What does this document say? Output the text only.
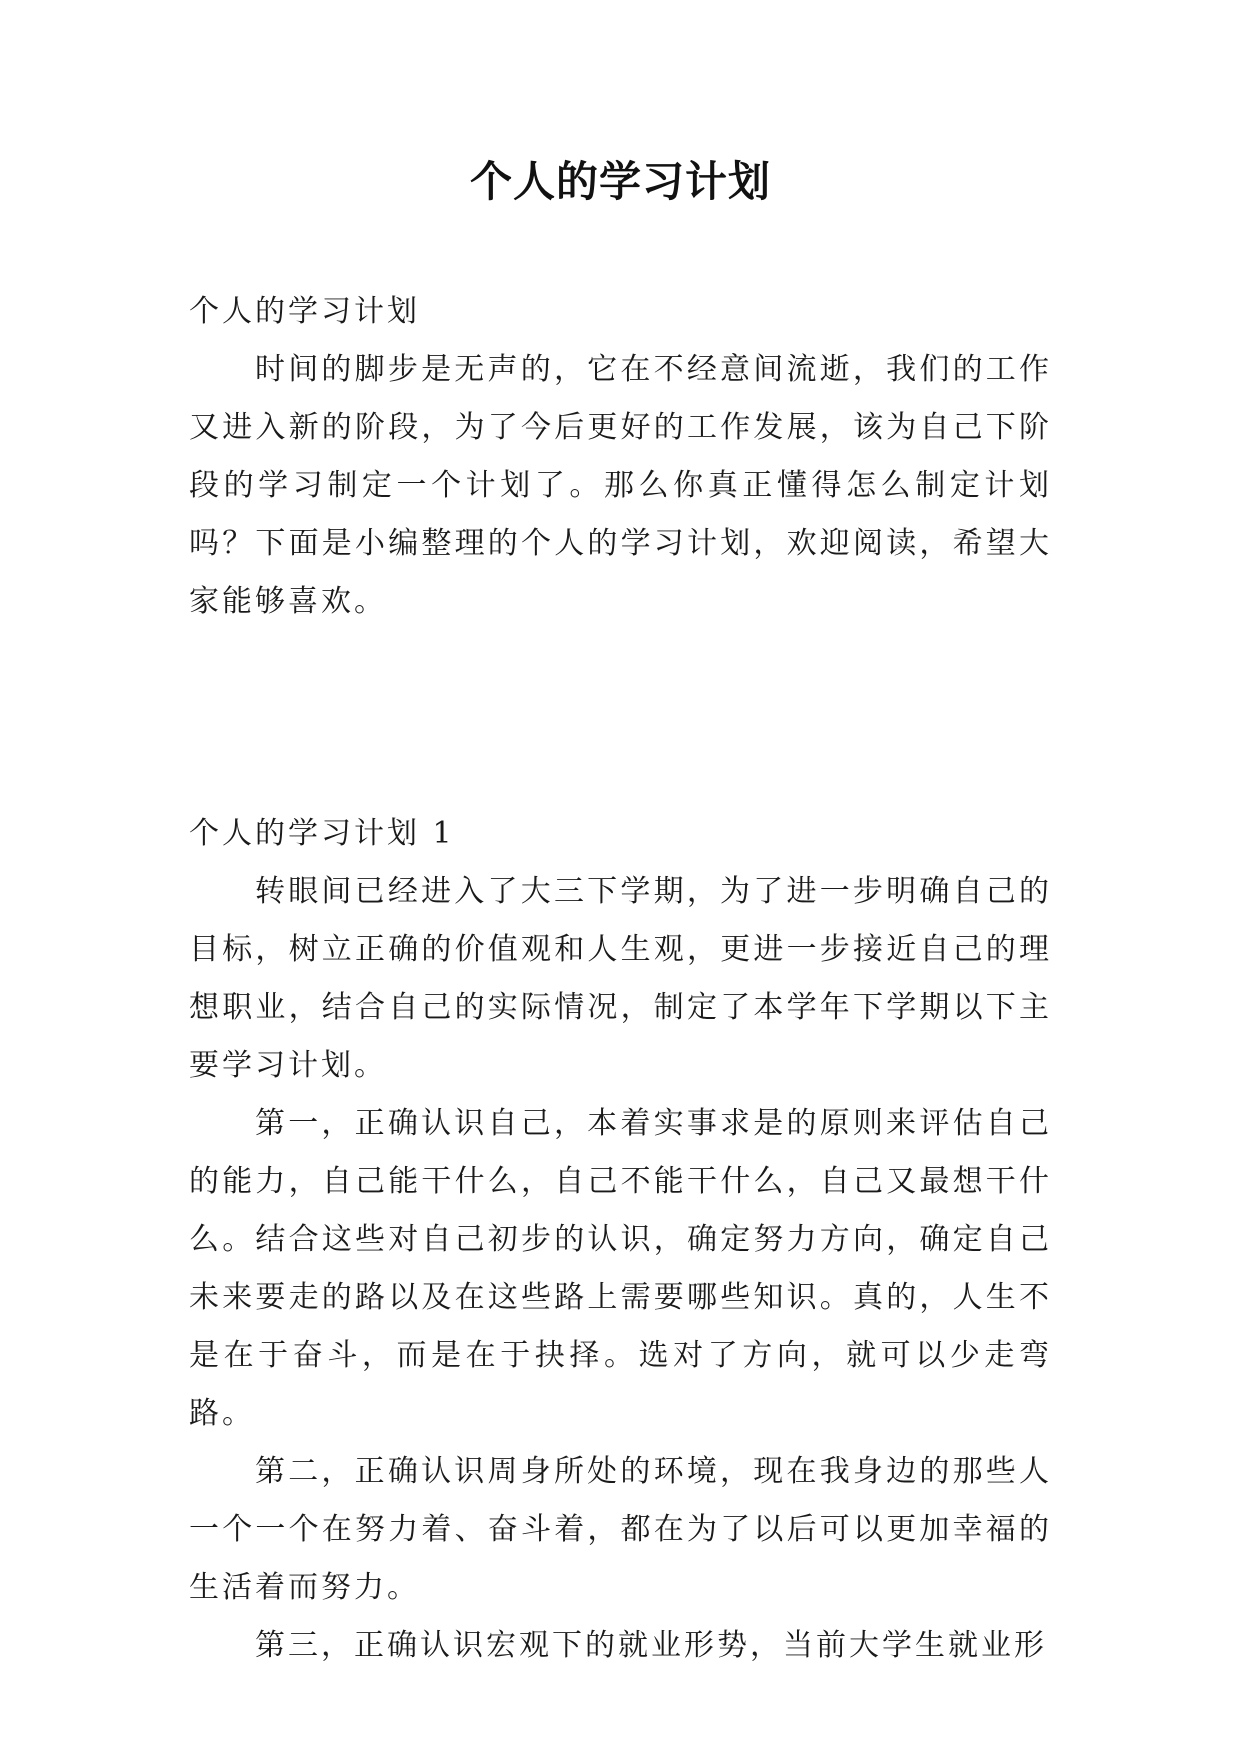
个人的学习计划

个人的学习计划

时间的脚步是无声的，它在不经意间流逝，我们的工作又进入新的阶段，为了今后更好的工作发展，该为自己下阶段的学习制定一个计划了。那么你真正懂得怎么制定计划吗？下面是小编整理的个人的学习计划，欢迎阅读，希望大家能够喜欢。

个人的学习计划 1

转眼间已经进入了大三下学期，为了进一步明确自己的目标，树立正确的价值观和人生观，更进一步接近自己的理想职业，结合自己的实际情况，制定了本学年下学期以下主要学习计划。

第一，正确认识自己，本着实事求是的原则来评估自己的能力，自己能干什么，自己不能干什么，自己又最想干什么。结合这些对自己初步的认识，确定努力方向，确定自己未来要走的路以及在这些路上需要哪些知识。真的，人生不是在于奋斗，而是在于抉择。选对了方向，就可以少走弯路。

第二，正确认识周身所处的环境，现在我身边的那些人一个一个在努力着、奋斗着，都在为了以后可以更加幸福的生活着而努力。

第三，正确认识宏观下的就业形势，当前大学生就业形
